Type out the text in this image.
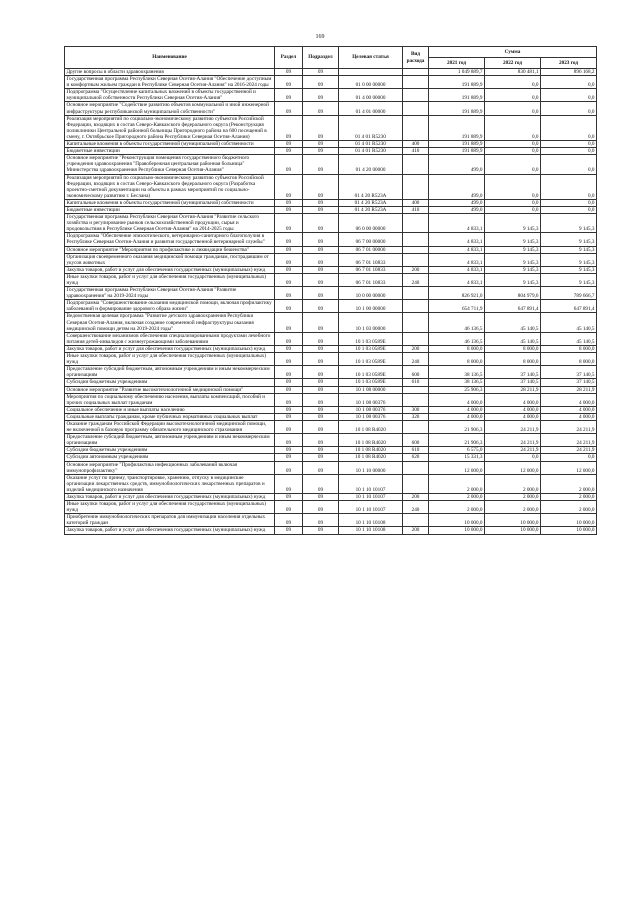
169
Наименование	Раздел	Подраздел	Целевая статья	Вид расхода	Сумма		
					2021 год	2022 год	2023 год
Другие вопросы в области здравоохранения	09	09			1 049 889,7	830 481,1	896 168,2
Государственная программа Республики Северная Осетия-Алания "Обеспечение доступным и комфортным жильем граждан в Республике Северная Осетия-Алания" на 2016-2024 годы	09	09	01 0 00 00000		191 889,9	0,0	0,0
Подпрограмма "Осуществление капитальных вложений в объекты государственной и муниципальной собственности Республики Северная Осетия-Алания"	09	09	01 4 00 00000		191 889,9	0,0	0,0
Основное мероприятие "Содействие развитию объектов коммунальной и иной инженерной инфраструктуры республиканской муниципальной собственности"	09	09	01 4 01 00000		191 889,9	0,0	0,0
Реализация мероприятий по социально-экономическому развитию субъектов Российской Федерации, входящих в состав Северо-Кавказского федерального округа (Реконструкция поликлиники Центральной районной больницы Пригородного района на 600 посещений в смену, г. Октябрьское Пригородного района Республики Северная Осетия-Алания)	09	09	01 4 01 R5230		191 889,9	0,0	0,0
Капитальные вложения в объекты государственной (муниципальной) собственности	09	09	01 4 01 R5230	400	191 889,9	0,0	0,0
Бюджетные инвестиции	09	09	01 4 01 R5230	410	191 889,9	0,0	0,0
Основное мероприятие "Реконструкция помещения государственного бюджетного учреждения здравоохранения "Правобережная центральная районная больница" Министерства здравоохранения Республики Северная Осетия-Алания"	09	09	01 4 20 00000		499,0	0,0	0,0
Реализация мероприятий по социально-экономическому развитию субъектов Российской Федерации, входящих в состав Северо-Кавказского федерального округа (Разработка проектно-сметной документации на объекты в рамках мероприятий по социально-экономическому развитию г. Беслана)	09	09	01 4 20 R523A		499,0	0,0	0,0
Капитальные вложения в объекты государственной (муниципальной) собственности	09	09	01 4 20 R523A	400	499,0	0,0	0,0
Бюджетные инвестиции	09	09	01 4 20 R523A	410	499,0	0,0	0,0
Государственная программа Республики Северная Осетия-Алания "Развитие сельского хозяйства и регулирование рынков сельскохозяйственной продукции, сырья и продовольствия в Республике Северная Осетия-Алания" на 2014-2025 годы	09	09	06 0 00 00000		4 833,1	9 145,3	9 145,3
Подпрограмма "Обеспечение эпизоотического, ветеринарно-санитарного благополучия в Республике Северная Осетия-Алания и развития государственной ветеринарной службы"	09	09	06 7 00 00000		4 833,1	9 145,3	9 145,3
Основное мероприятие "Мероприятия по профилактике и ликвидации бешенства"	09	09	06 7 01 00000		4 833,1	9 145,3	9 145,3
Организация своевременного оказания медицинской помощи гражданам, пострадавшим от укусов животных	09	09	06 7 01 10833		4 833,1	9 145,3	9 145,3
Закупка товаров, работ и услуг для обеспечения государственных (муниципальных) нужд	09	09	06 7 01 10833	200	4 833,1	9 145,3	9 145,3
Иные закупки товаров, работ и услуг для обеспечения государственных (муниципальных) нужд	09	09	06 7 01 10833	240	4 833,1	9 145,3	9 145,3
Государственная программа Республики Северная Осетия-Алания "Развитие здравоохранения" на 2019-2024 годы	09	09	10 0 00 00000		826 921,0	804 979,6	789 666,7
Подпрограмма "Совершенствование оказания медицинской помощи, включая профилактику заболеваний и формирование здорового образа жизни"	09	09	10 1 00 00000		654 711,9	647 891,4	647 891,4
Ведомственная целевая программа "Развитие детского здравоохранения Республики Северная Осетия-Алания, включая создание современной инфраструктуры оказания медицинской помощи детям на 2019-2024 годы"	09	09	10 1 03 00000		46 136,5	45 140,5	45 140,5
Совершенствование механизмов обеспечения специализированными продуктами лечебного питания детей-инвалидов с жизнеугрожающими заболеваниями	09	09	10 1 03 0589Е		46 136,5	45 140,5	45 140,5
Закупка товаров, работ и услуг для обеспечения государственных (муниципальных) нужд	09	09	10 1 03 0589Е	200	8 000,0	8 000,0	8 000,0
Иные закупки товаров, работ и услуг для обеспечения государственных (муниципальных) нужд	09	09	10 1 03 0589Е	240	8 000,0	8 000,0	8 000,0
Предоставление субсидий бюджетным, автономным учреждениям и иным некоммерческим организациям	09	09	10 1 03 0589Е	600	38 136,5	37 140,5	37 140,5
Субсидии бюджетным учреждениям	09	09	10 1 03 0589Е	610	38 136,5	37 140,5	37 140,5
Основное мероприятие "Развитие высокотехнологичной медицинской помощи"	09	09	10 1 08 00000		25 906,3	28 211,9	28 211,9
Мероприятия по социальному обеспечению населения, выплаты компенсаций, пособий и прочих социальных выплат гражданам	09	09	10 1 08 00376		4 000,0	4 000,0	4 000,0
Социальное обеспечение и иные выплаты населению	09	09	10 1 08 00376	300	4 000,0	4 000,0	4 000,0
Социальные выплаты гражданам, кроме публичных нормативных социальных выплат	09	09	10 1 08 00376	320	4 000,0	4 000,0	4 000,0
Оказание гражданам Российской Федерации высокотехнологичной медицинской помощи, не включенной в базовую программу обязательного медицинского страхования	09	09	10 1 08 R4020		21 906,3	24 211,9	24 211,9
Предоставление субсидий бюджетным, автономным учреждениям и иным некоммерческим организациям	09	09	10 1 08 R4020	600	21 906,3	24 211,9	24 211,9
Субсидии бюджетным учреждениям	09	09	10 1 08 R4020	610	6 575,0	24 211,9	24 211,9
Субсидии автономным учреждениям	09	09	10 1 08 R4020	620	15 331,3	0,0	0,0
Основное мероприятие "Профилактика инфекционных заболеваний включая иммунопрофилактику"	09	09	10 1 10 00000		12 000,0	12 000,0	12 000,0
Оказание услуг по приему, транспортировке, хранению, отпуску в медицинские организации лекарственных средств, иммунобиологических лекарственных препаратов и изделий медицинского назначения	09	09	10 1 10 10107		2 000,0	2 000,0	2 000,0
Закупка товаров, работ и услуг для обеспечения государственных (муниципальных) нужд	09	09	10 1 10 10107	200	2 000,0	2 000,0	2 000,0
Иные закупки товаров, работ и услуг для обеспечения государственных (муниципальных) нужд	09	09	10 1 10 10107	240	2 000,0	2 000,0	2 000,0
Приобретение иммунобиологических препаратов для иммунизации населения отдельных категорий граждан	09	09	10 1 10 10108		10 000,0	10 000,0	10 000,0
Закупка товаров, работ и услуг для обеспечения государственных (муниципальных) нужд	09	09	10 1 10 10108	200	10 000,0	10 000,0	10 000,0
